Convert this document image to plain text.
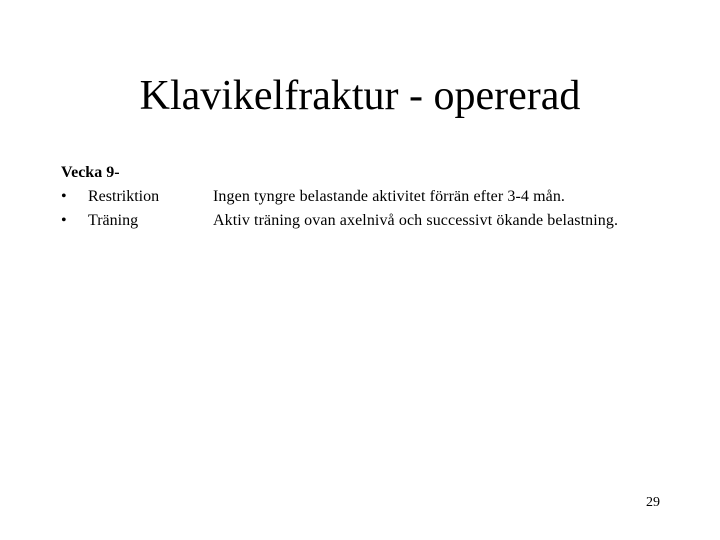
Klavikelfraktur - opererad
Vecka 9-
•	Restriktion	Ingen tyngre belastande aktivitet förrän efter 3-4 mån.
•	Träning	Aktiv träning ovan axelnivå och successivt ökande belastning.
29
